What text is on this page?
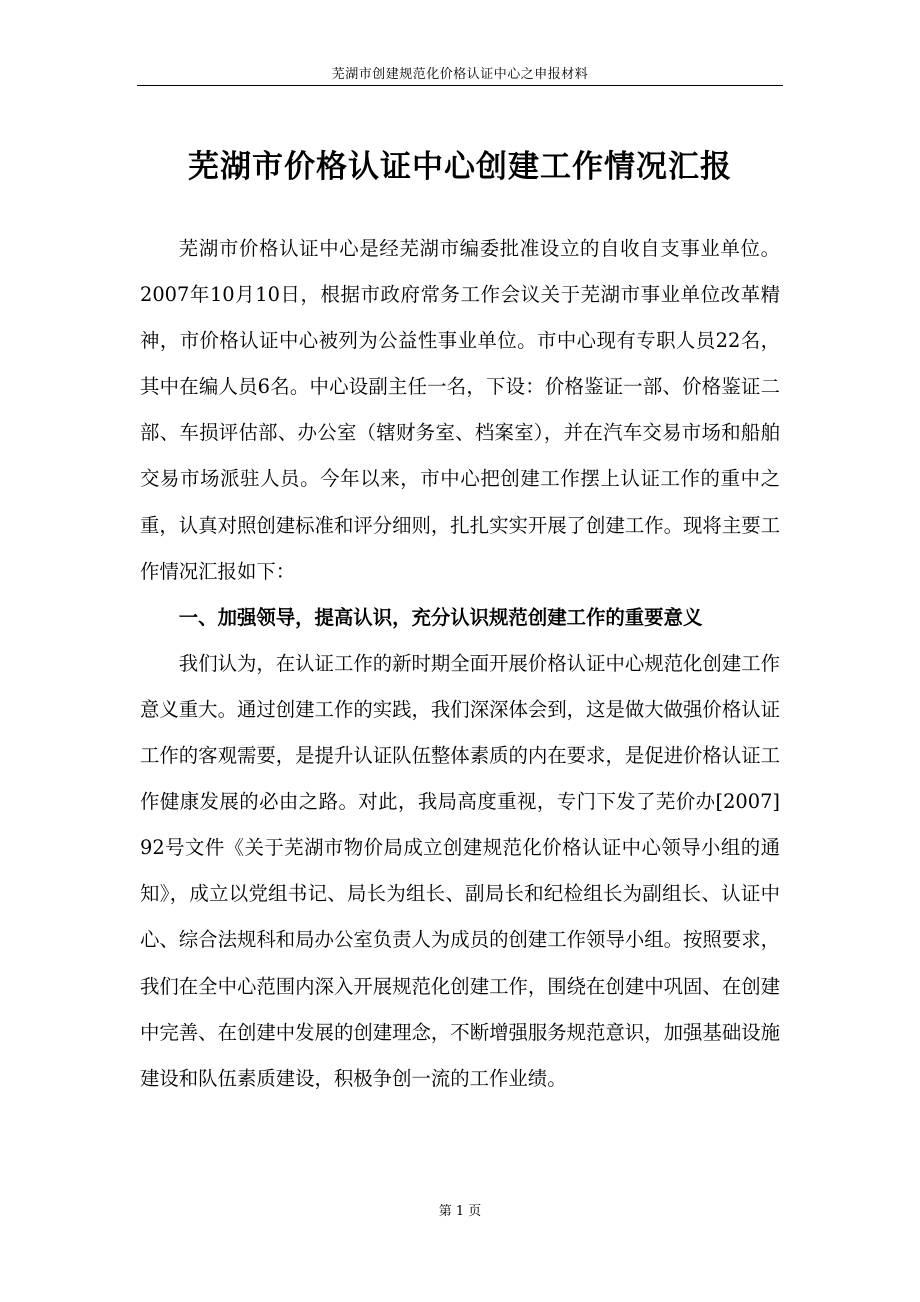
芜湖市创建规范化价格认证中心之申报材料
芜湖市价格认证中心创建工作情况汇报

芜湖市价格认证中心是经芜湖市编委批准设立的自收自支事业单位。2007年10月10日，根据市政府常务工作会议关于芜湖市事业单位改革精神，市价格认证中心被列为公益性事业单位。市中心现有专职人员22名，其中在编人员6名。中心设副主任一名，下设：价格鉴证一部、价格鉴证二部、车损评估部、办公室（辖财务室、档案室），并在汽车交易市场和船舶交易市场派驻人员。今年以来，市中心把创建工作摆上认证工作的重中之重，认真对照创建标准和评分细则，扎扎实实开展了创建工作。现将主要工作情况汇报如下：

一、加强领导，提高认识，充分认识规范创建工作的重要意义

我们认为，在认证工作的新时期全面开展价格认证中心规范化创建工作意义重大。通过创建工作的实践，我们深深体会到，这是做大做强价格认证工作的客观需要，是提升认证队伍整体素质的内在要求，是促进价格认证工作健康发展的必由之路。对此，我局高度重视，专门下发了芜价办[2007] 92号文件《关于芜湖市物价局成立创建规范化价格认证中心领导小组的通知》，成立以党组书记、局长为组长、副局长和纪检组长为副组长、认证中心、综合法规科和局办公室负责人为成员的创建工作领导小组。按照要求，我们在全中心范围内深入开展规范化创建工作，围绕在创建中巩固、在创建中完善、在创建中发展的创建理念，不断增强服务规范意识，加强基础设施建设和队伍素质建设，积极争创一流的工作业绩。

第 1 页
